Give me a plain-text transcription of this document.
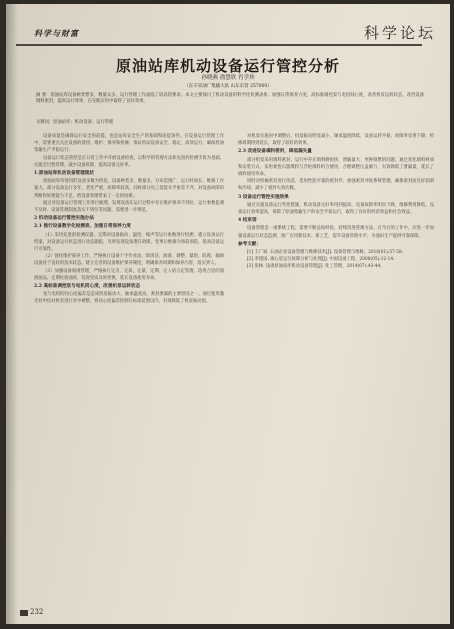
科学与财富	科学论坛
原油站库机动设备运行管控分析
孙晓燕 俞慧欣 肖学珍
（东辛采油厂集输大队 山东东营 257000）
摘 要：原油站库设备种类繁多，数量众多，运行管理工作面临了较高的要求。本文主要探讨了机动设备的科学化检测表体，加强日常保养力度，高标准调控泵与电机间心度，改善机泵运转状态，改进设备填料密封，提高运行效率，在实践应用中取得了良好效果。
关键词：原油站库；机动设备；运行管理

设备质量是确保运行安全的前提，也是站库安全生产的基础和前提条件。在设备运行管理工作中，需要重点关注设备的使用、维护、保养和检修，保证机动设备安全、稳定、高效运行，确保原油集输生产平稳运行。

设备运行状态管控是在日常工作中开展设备检查，以科学的管理方法和先进的检测手段为基础，实施全过程管理，减少设备故障，提高设备完好率。

1.原油站库机动设备管理现状

原油站库所使用的设备多数为机泵，设备种类多、数量多，分布范围广，运行时间长，维修工作量大。部分设备运行多年，老化严重，故障率较高，同时部分员工技能水平参差不齐，对设备故障的判断和处理能力不足，给设备管理带来了一定的困难。

通过对设备运行管理工作进行梳理，发现设备在运行过程中存在维护保养不到位、运行参数监测不及时、设备管理制度落实不到位等问题，需要进一步规范。

2 机动设备运行管控实施办法
2.1 推行设备数字化检测表，加强日常保养力度

（1）采用先进的检测仪器，定期对设备振动、温度、噪声等运行参数进行检测，建立设备运行档案，对设备运行状态进行动态跟踪，及时发现设备潜在故障，变事后维修为事前预防，提高设备运行可靠性。

（2）强化维护保养工作，严格执行设备十字作业法，即清洁、润滑、调整、紧固、防腐，确保设备处于良好的技术状态。建立完善的设备维护保养制度，明确保养周期和保养内容，落实到人。

（3）加强设备润滑管理，严格执行定点、定质、定量、定期、定人的五定管理，选用合适的润滑油品，定期化验油质，发现变质及时更换，延长设备使用寿命。

2.2 高标准调控泵与电机同心度，改善机泵运转状态

泵与电机的同心度偏差是造成机泵振动大、轴承温度高、密封泄漏的主要原因之一。通过使用激光对中仪对机泵进行对中调整，将同心度偏差控制在标准范围以内，有效降低了机泵振动值。

对机泵实施对中调整后，机泵振动明显减小，轴承温度降低，设备运转平稳，故障率显著下降，检修周期得到延长，取得了较好的效果。

2.3 改进设备填料密封，降低漏失量

部分机泵采用填料密封，运行中存在填料磨损快、泄漏量大、更换频繁的问题。通过优化填料材质和安装方式，采用柔性石墨填料与芳纶填料组合使用，合理调整压盖紧力，有效降低了泄漏量，延长了填料使用寿命。

同时对机械密封进行改造，选用性能可靠的密封件，加强密封冲洗系统管理，确保密封面良好润滑和冷却，减少了密封失效次数。

3 设备运行管控实施效果

通过实施设备运行管控措施，机动设备完好率得到提高，设备故障率明显下降，维修费用降低，设备运行效率提高，保障了原油集输生产的安全平稳运行，取得了良好的经济效益和社会效益。

4 结束语

设备管理是一项系统工程，需要不断总结经验，持续改进管理方法。在今后的工作中，应进一步加强设备运行状态监测，推广应用新技术、新工艺，提升设备管理水平，为油田生产提供可靠保障。

参考文献：

[1] 王广斌. 石油企业设备管理与维修技术[J]. 设备管理与维修，2016(01):57-58.

[2] 李建国. 离心泵运行故障分析与处理[J]. 中国设备工程，2008(05):12-14.

[3] 张林. 浅谈原油站库机动设备管理[J]. 化工管理，2014(07):43-44.

232
